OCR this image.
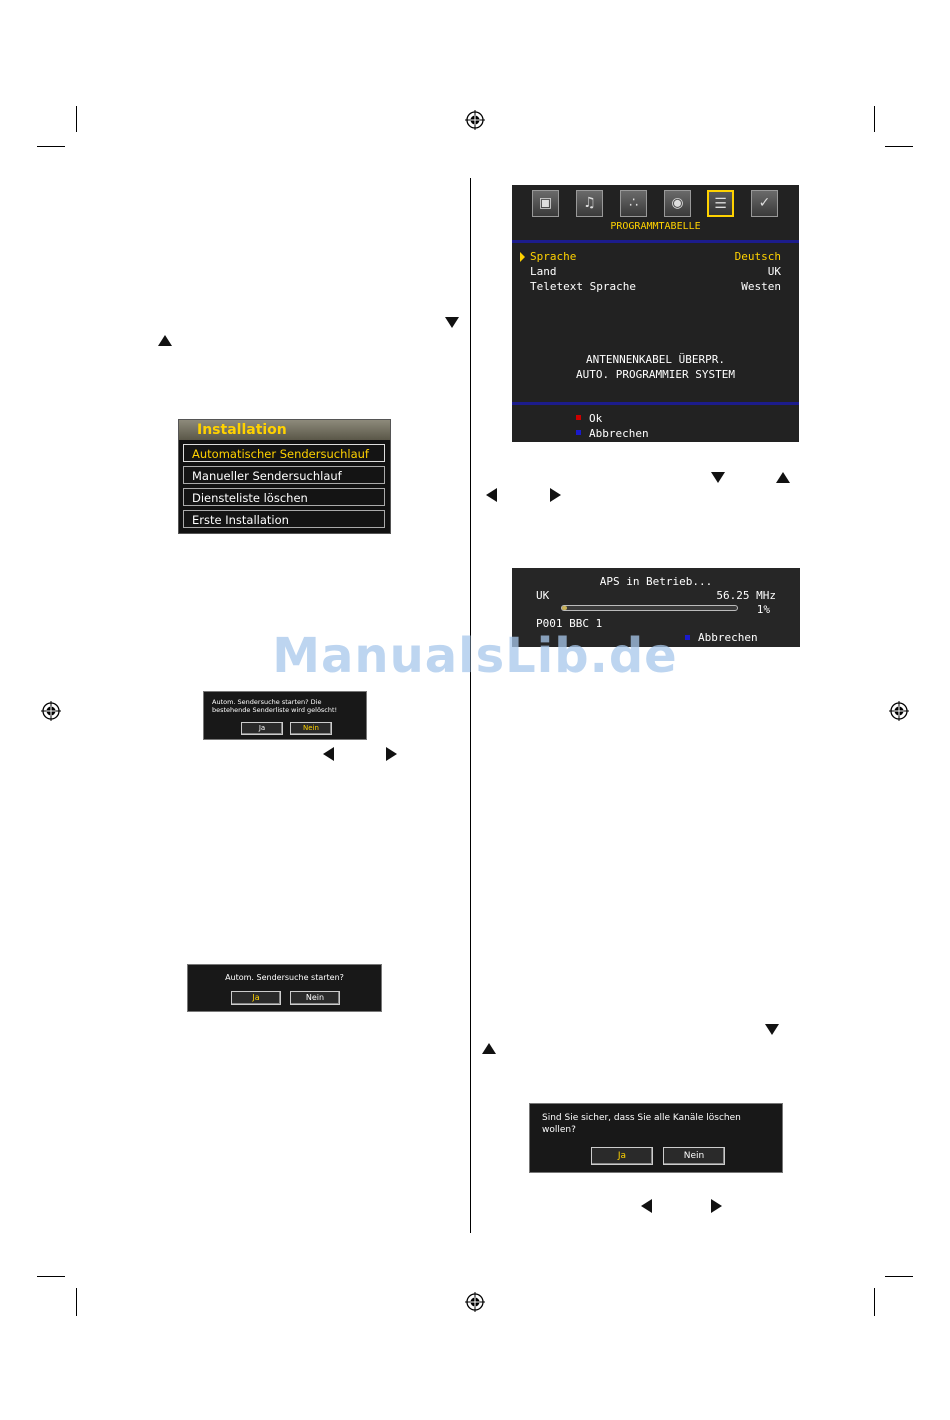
Installation
Automatischer Sendersuchlauf
Manueller Sendersuchlauf
Diensteliste löschen
Erste Installation
Autom. Sendersuche starten? Die
bestehende Senderliste wird gelöscht!
Ja	Nein
Autom. Sendersuche starten?
Ja	Nein
▣	♫	∴	◉	☰	✓
PROGRAMMTABELLE
Sprache	Deutsch
Land	UK
Teletext Sprache	Westen
ANTENNENKABEL ÜBERPR.
AUTO. PROGRAMMIER SYSTEM
Ok
Abbrechen
APS in Betrieb...
UK	56.25 MHz
1%
P001 BBC 1
Abbrechen
ManualsLib.de
Sind Sie sicher, dass Sie alle Kanäle löschen
wollen?
Ja	Nein
